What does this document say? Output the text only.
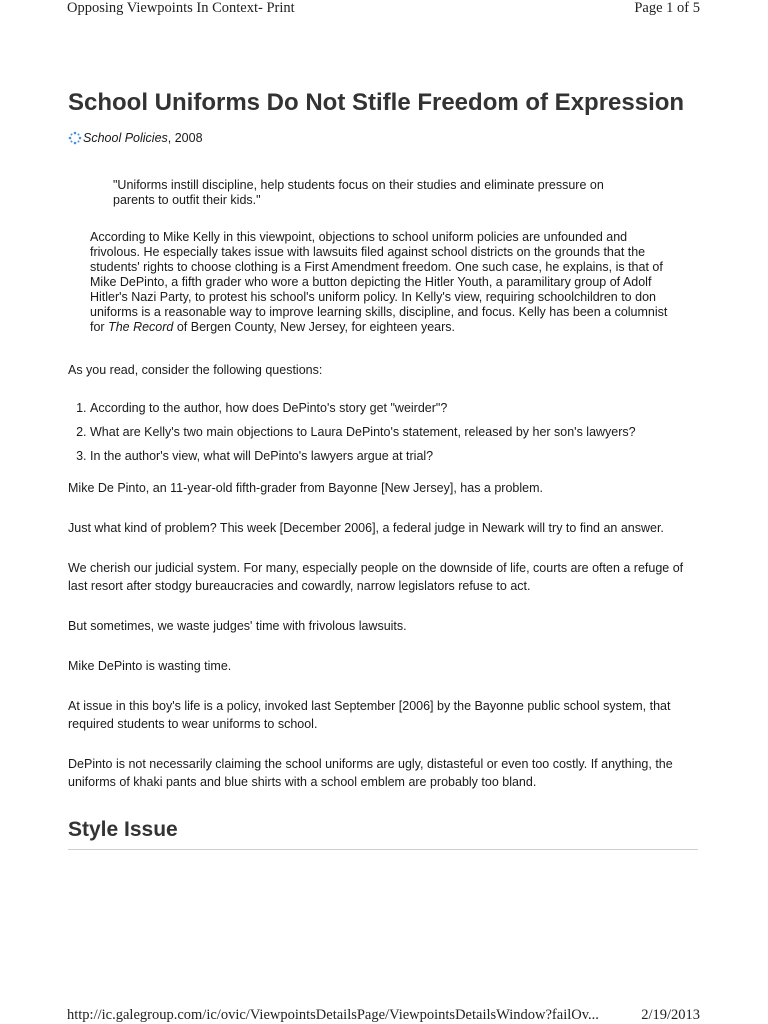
Opposing Viewpoints In Context- Print	Page 1 of 5
School Uniforms Do Not Stifle Freedom of Expression
School Policies , 2008
"Uniforms instill discipline, help students focus on their studies and eliminate pressure on parents to outfit their kids."
According to Mike Kelly in this viewpoint, objections to school uniform policies are unfounded and frivolous. He especially takes issue with lawsuits filed against school districts on the grounds that the students' rights to choose clothing is a First Amendment freedom. One such case, he explains, is that of Mike DePinto, a fifth grader who wore a button depicting the Hitler Youth, a paramilitary group of Adolf Hitler's Nazi Party, to protest his school's uniform policy. In Kelly's view, requiring schoolchildren to don uniforms is a reasonable way to improve learning skills, discipline, and focus. Kelly has been a columnist for The Record of Bergen County, New Jersey, for eighteen years.

As you read, consider the following questions:

1. According to the author, how does DePinto's story get "weirder"?
2. What are Kelly's two main objections to Laura DePinto's statement, released by her son's lawyers?
3. In the author's view, what will DePinto's lawyers argue at trial?

Mike De Pinto, an 11-year-old fifth-grader from Bayonne [New Jersey], has a problem.

Just what kind of problem? This week [December 2006], a federal judge in Newark will try to find an answer.

We cherish our judicial system. For many, especially people on the downside of life, courts are often a refuge of last resort after stodgy bureaucracies and cowardly, narrow legislators refuse to act.

But sometimes, we waste judges' time with frivolous lawsuits.

Mike DePinto is wasting time.

At issue in this boy's life is a policy, invoked last September [2006] by the Bayonne public school system, that required students to wear uniforms to school.

DePinto is not necessarily claiming the school uniforms are ugly, distasteful or even too costly. If anything, the uniforms of khaki pants and blue shirts with a school emblem are probably too bland.

Style Issue
http://ic.galegroup.com/ic/ovic/ViewpointsDetailsPage/ViewpointsDetailsWindow?failOv...	2/19/2013
